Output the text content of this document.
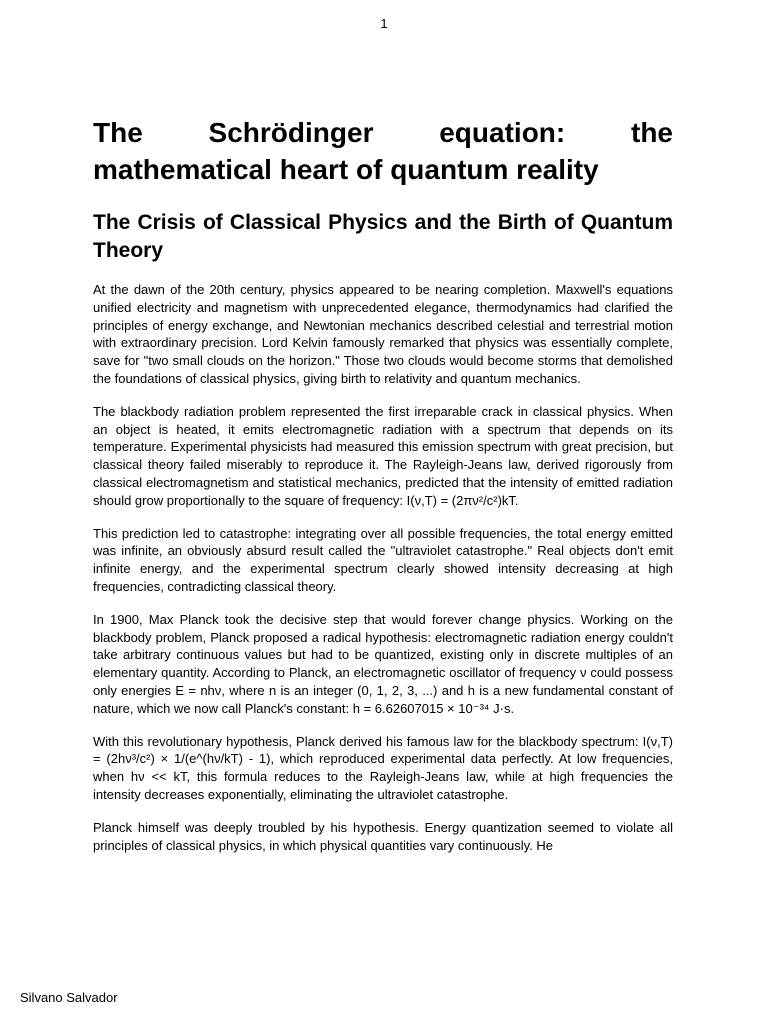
1
The Schrödinger equation: the mathematical heart of quantum reality
The Crisis of Classical Physics and the Birth of Quantum Theory

At the dawn of the 20th century, physics appeared to be nearing completion. Maxwell's equations unified electricity and magnetism with unprecedented elegance, thermodynamics had clarified the principles of energy exchange, and Newtonian mechanics described celestial and terrestrial motion with extraordinary precision. Lord Kelvin famously remarked that physics was essentially complete, save for "two small clouds on the horizon." Those two clouds would become storms that demolished the foundations of classical physics, giving birth to relativity and quantum mechanics.

The blackbody radiation problem represented the first irreparable crack in classical physics. When an object is heated, it emits electromagnetic radiation with a spectrum that depends on its temperature. Experimental physicists had measured this emission spectrum with great precision, but classical theory failed miserably to reproduce it. The Rayleigh-Jeans law, derived rigorously from classical electromagnetism and statistical mechanics, predicted that the intensity of emitted radiation should grow proportionally to the square of frequency: I(ν,T) = (2πν²/c²)kT.

This prediction led to catastrophe: integrating over all possible frequencies, the total energy emitted was infinite, an obviously absurd result called the "ultraviolet catastrophe." Real objects don't emit infinite energy, and the experimental spectrum clearly showed intensity decreasing at high frequencies, contradicting classical theory.

In 1900, Max Planck took the decisive step that would forever change physics. Working on the blackbody problem, Planck proposed a radical hypothesis: electromagnetic radiation energy couldn't take arbitrary continuous values but had to be quantized, existing only in discrete multiples of an elementary quantity. According to Planck, an electromagnetic oscillator of frequency ν could possess only energies E = nhν, where n is an integer (0, 1, 2, 3, ...) and h is a new fundamental constant of nature, which we now call Planck's constant: h = 6.62607015 × 10⁻³⁴ J·s.

With this revolutionary hypothesis, Planck derived his famous law for the blackbody spectrum: I(ν,T) = (2hν³/c²) × 1/(e^(hν/kT) - 1), which reproduced experimental data perfectly. At low frequencies, when hν << kT, this formula reduces to the Rayleigh-Jeans law, while at high frequencies the intensity decreases exponentially, eliminating the ultraviolet catastrophe.

Planck himself was deeply troubled by his hypothesis. Energy quantization seemed to violate all principles of classical physics, in which physical quantities vary continuously. He

Silvano Salvador
